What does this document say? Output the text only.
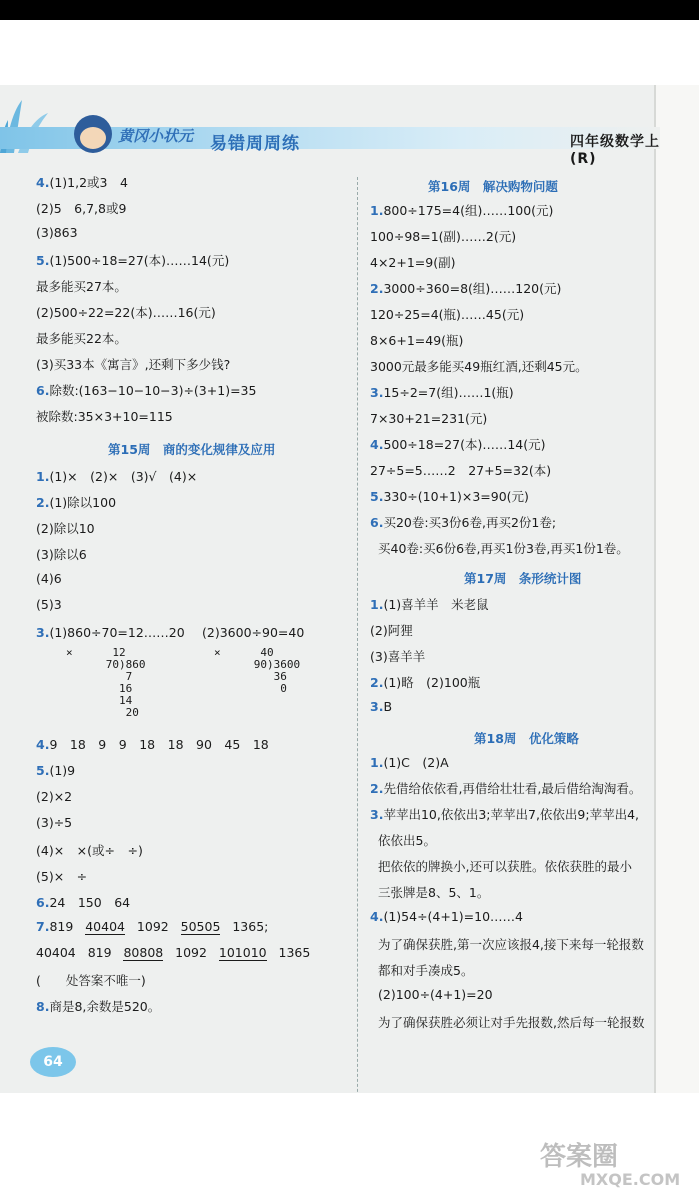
黄冈小状元 易错周周练	四年级数学上(R)
4.(1)1,2或3　4
(2)5　6,7,8或9
(3)863
5.(1)500÷18=27(本)……14(元)
最多能买27本。
(2)500÷22=22(本)……16(元)
最多能买22本。
(3)买33本《寓言》,还剩下多少钱?
6.除数:(163−10−10−3)÷(3+1)=35
被除数:35×3+10=115
第15周　商的变化规律及应用
1.(1)×　(2)×　(3)√　(4)×
2.(1)除以100
(2)除以10
(3)除以6
(4)6
(5)3
3.(1)860÷70=12……20 (2)3600÷90=40
×      12
70)860
7
16
14
20
×      40
90)3600
36
0
4.9　18　9　9　18　18　90　45　18
5.(1)9
(2)×2
(3)÷5
(4)×　×(或÷　÷)
(5)×　÷
6.24　150　64
7.819 40404 1092 50505 1365;
40404 819 80808 1092 101010 1365
(　　处答案不唯一)
8.商是8,余数是520。
第16周　解决购物问题
1.800÷175=4(组)……100(元)
100÷98=1(副)……2(元)
4×2+1=9(副)
2.3000÷360=8(组)……120(元)
120÷25=4(瓶)……45(元)
8×6+1=49(瓶)
3000元最多能买49瓶红酒,还剩45元。
3.15÷2=7(组)……1(瓶)
7×30+21=231(元)
4.500÷18=27(本)……14(元)
27÷5=5……2　27+5=32(本)
5.330÷(10+1)×3=90(元)
6.买20卷:买3份6卷,再买2份1卷;
买40卷:买6份6卷,再买1份3卷,再买1份1卷。
第17周　条形统计图
1.(1)喜羊羊　米老鼠
(2)阿狸
(3)喜羊羊
2.(1)略　(2)100瓶
3.B
第18周　优化策略
1.(1)C　(2)A
2.先借给依依看,再借给壮壮看,最后借给淘淘看。
3.苹苹出10,依依出3;苹苹出7,依依出9;苹苹出4,
依依出5。
把依依的牌换小,还可以获胜。依依获胜的最小
三张牌是8、5、1。
4.(1)54÷(4+1)=10……4
为了确保获胜,第一次应该报4,接下来每一轮报数
都和对手凑成5。
(2)100÷(4+1)=20
为了确保获胜必须让对手先报数,然后每一轮报数
64
答案圈
MXQE.COM
